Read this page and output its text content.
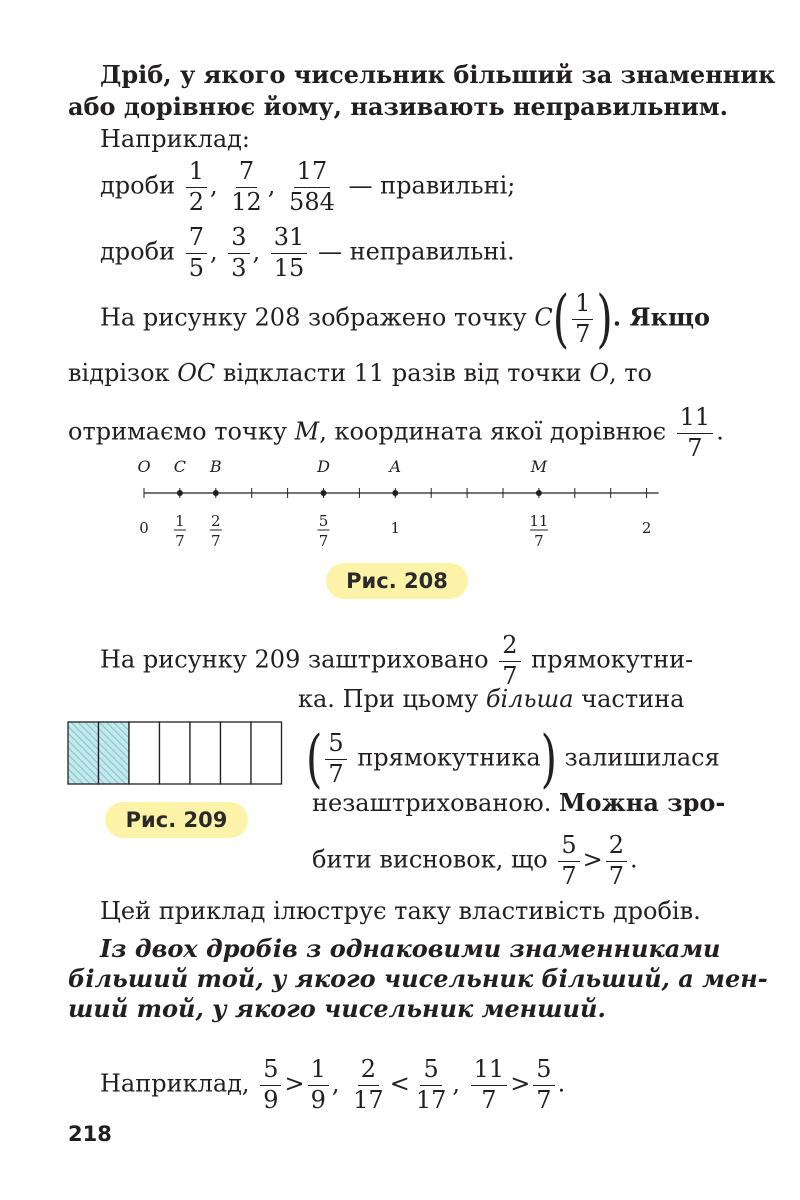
Дріб, у якого чисельник більший за знаменник
або дорівнює йому, називають неправильним.
Наприклад:
дроби $\frac{1}{2}$ , $\frac{7}{12}$ , $\frac{17}{584}$ — правильні;
дроби $\frac{7}{5}$ , $\frac{3}{3}$ , $\frac{31}{15}$ — неправильні.
На рисунку 208 зображено точку $C( \frac{1}{7}$ ). Якщо
відрізок OC відкласти 11 разів від точки O, то
отримаємо точку M, координата якої дорівнює $\frac{11}{7}$ .
O C B	D	A	M
0 1
7
2
7
5
7
1	11
7
2
Рис. 208
На рисунку 209 заштриховано $\frac{2}{7}$ прямокутни-
ка. При цьому більша частина
( $\frac{5}{7}$ прямокутника) залишилася
незаштрихованою. Можна зро-
бити висновок, що $\frac{5}{7} > \frac{2}{7}$ .
Рис. 209
Цей приклад ілюструє таку властивість дробів.
Із двох дробів з однаковими знаменниками
більший той, у якого чисельник більший, а мен-
ший той, у якого чисельник менший.
Наприклад, $\frac{5}{9} > \frac{1}{9}$ , $\frac{2}{17} < \frac{5}{17}$ , $\frac{11}{7} > \frac{5}{7}$ .
218
